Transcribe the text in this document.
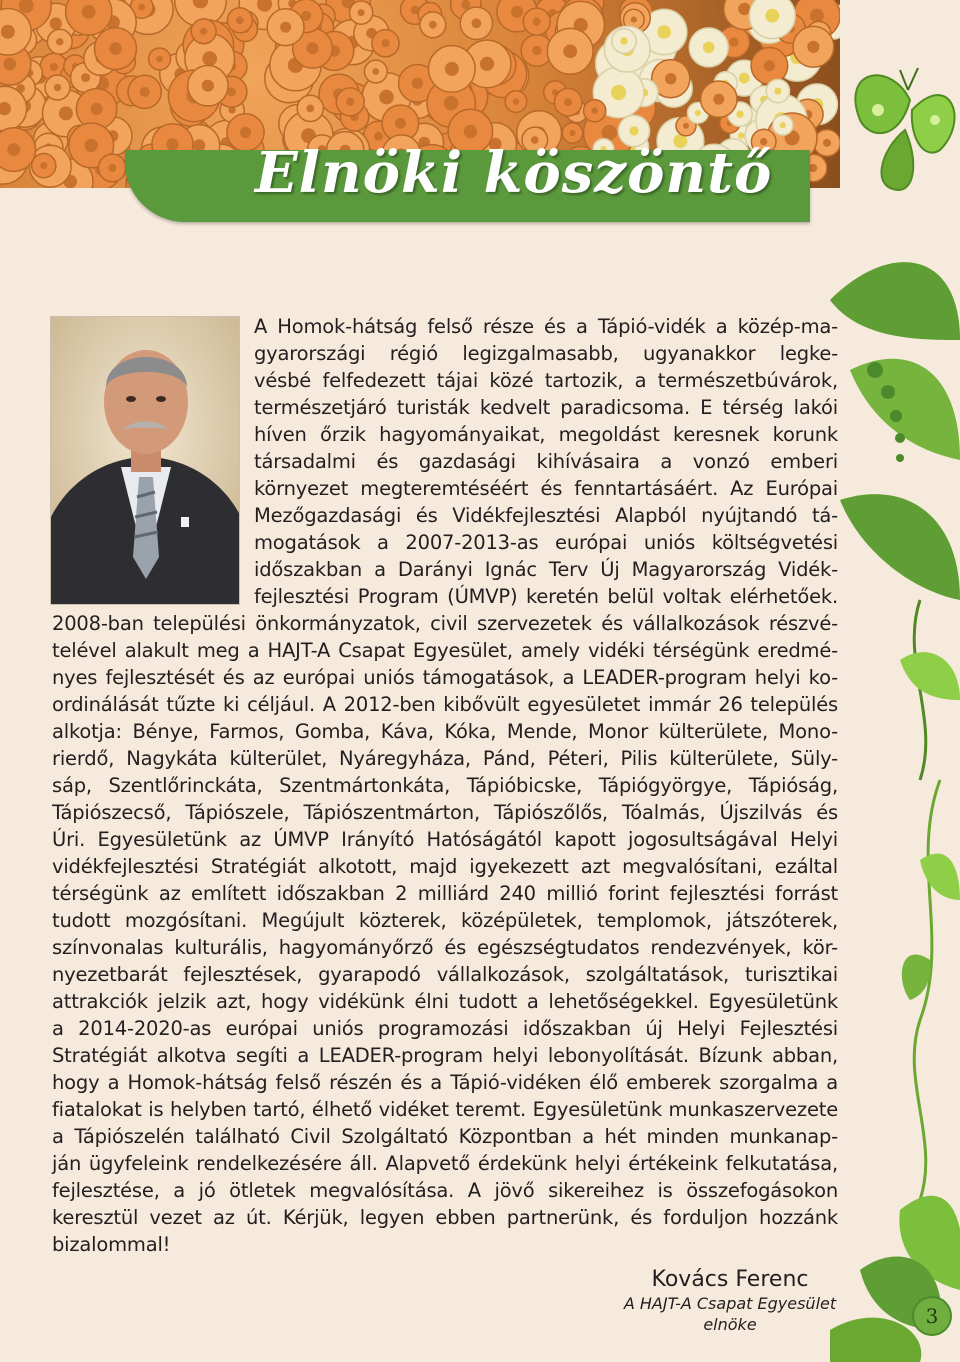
Elnöki köszöntő
A Homok-hátság felső része és a Tápió-vidék a közép-ma-
gyarországi régió legizgalmasabb, ugyanakkor legke-
vésbé felfedezett tájai közé tartozik, a természetbúvárok,
természetjáró turisták kedvelt paradicsoma. E térség lakói
híven őrzik hagyományaikat, megoldást keresnek korunk
társadalmi és gazdasági kihívásaira a vonzó emberi
környezet megteremtéséért és fenntartásáért. Az Európai
Mezőgazdasági és Vidékfejlesztési Alapból nyújtandó tá-
mogatások a 2007-2013-as európai uniós költségvetési
időszakban a Darányi Ignác Terv Új Magyarország Vidék-
fejlesztési Program (ÚMVP) keretén belül voltak elérhetőek.
2008-ban települési önkormányzatok, civil szervezetek és vállalkozások részvé-
telével alakult meg a HAJT-A Csapat Egyesület, amely vidéki térségünk eredmé-
nyes fejlesztését és az európai uniós támogatások, a LEADER-program helyi ko-
ordinálását tűzte ki céljául. A 2012-ben kibővült egyesületet immár 26 település
alkotja: Bénye, Farmos, Gomba, Káva, Kóka, Mende, Monor külterülete, Mono-
rierdő, Nagykáta külterület, Nyáregyháza, Pánd, Péteri, Pilis külterülete, Süly-
sáp, Szentlőrinckáta, Szentmártonkáta, Tápióbicske, Tápiógyörgye, Tápióság,
Tápiószecső, Tápiószele, Tápiószentmárton, Tápiószőlős, Tóalmás, Újszilvás és
Úri. Egyesületünk az ÚMVP Irányító Hatóságától kapott jogosultságával Helyi
vidékfejlesztési Stratégiát alkotott, majd igyekezett azt megvalósítani, ezáltal
térségünk az említett időszakban 2 milliárd 240 millió forint fejlesztési forrást
tudott mozgósítani. Megújult közterek, középületek, templomok, játszóterek,
színvonalas kulturális, hagyományőrző és egészségtudatos rendezvények, kör-
nyezetbarát fejlesztések, gyarapodó vállalkozások, szolgáltatások, turisztikai
attrakciók jelzik azt, hogy vidékünk élni tudott a lehetőségekkel. Egyesületünk
a 2014-2020-as európai uniós programozási időszakban új Helyi Fejlesztési
Stratégiát alkotva segíti a LEADER-program helyi lebonyolítását. Bízunk abban,
hogy a Homok-hátság felső részén és a Tápió-vidéken élő emberek szorgalma a
fiatalokat is helyben tartó, élhető vidéket teremt. Egyesületünk munkaszervezete
a Tápiószelén található Civil Szolgáltató Központban a hét minden munkanap-
ján ügyfeleink rendelkezésére áll. Alapvető érdekünk helyi értékeink felkutatása,
fejlesztése, a jó ötletek megvalósítása. A jövő sikereihez is összefogásokon
keresztül vezet az út. Kérjük, legyen ebben partnerünk, és forduljon hozzánk
bizalommal!
Kovács Ferenc
A HAJT-A Csapat Egyesület
elnöke	3
